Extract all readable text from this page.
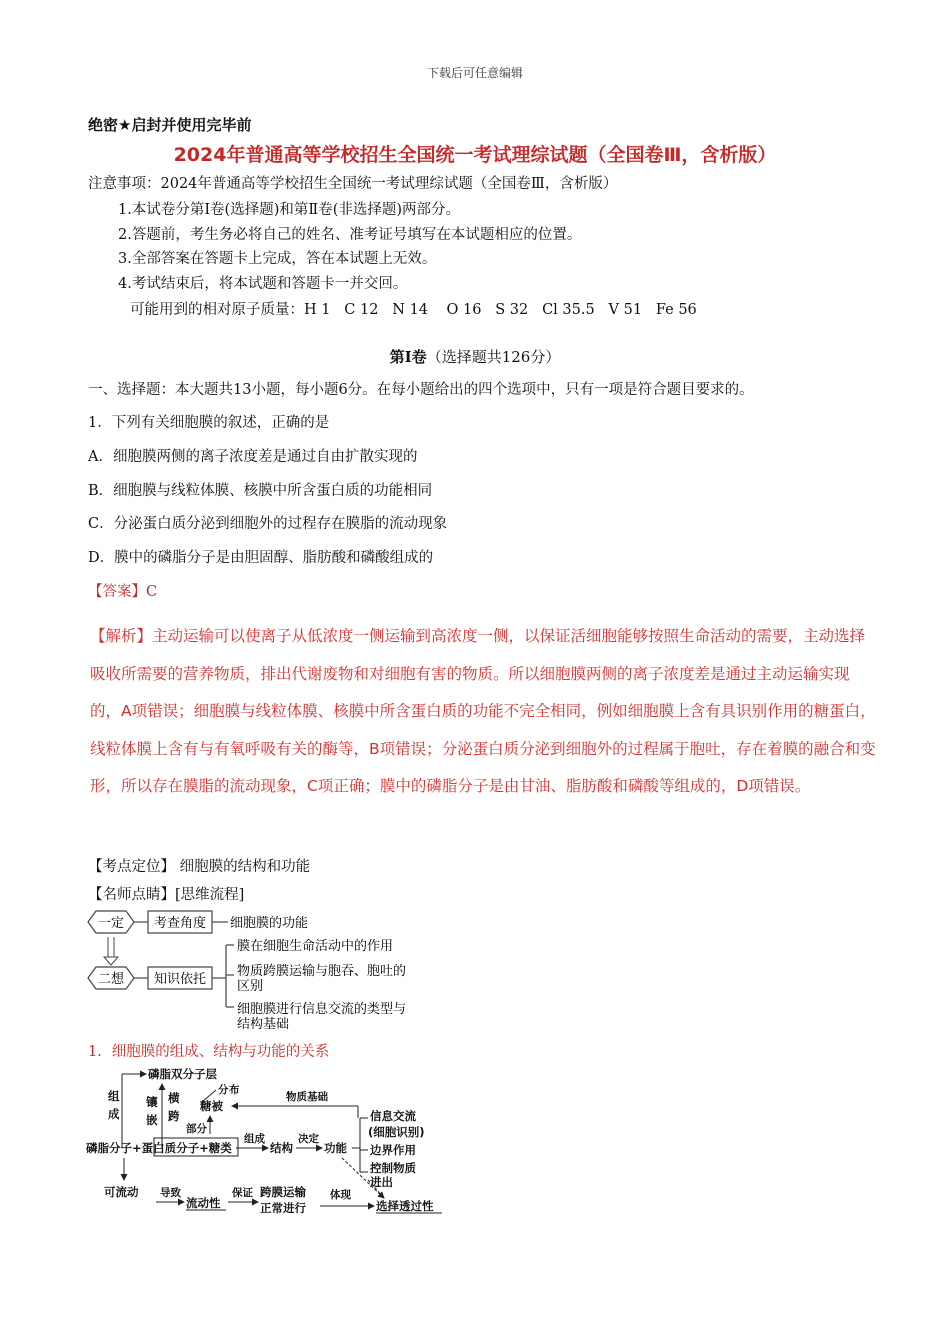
下载后可任意编辑
绝密★启封并使用完毕前
2024年普通高等学校招生全国统一考试理综试题（全国卷Ⅲ，含析版）
注意事项：2024年普通高等学校招生全国统一考试理综试题（全国卷Ⅲ，含析版）
1.本试卷分第Ⅰ卷(选择题)和第Ⅱ卷(非选择题)两部分。
2.答题前，考生务必将自己的姓名、准考证号填写在本试题相应的位置。
3.全部答案在答题卡上完成，答在本试题上无效。
4.考试结束后，将本试题和答题卡一并交回。
可能用到的相对原子质量：H 1   C 12   N 14    O 16   S 32   Cl 35.5   V 51   Fe 56
第Ⅰ卷（选择题共126分）
一、选择题：本大题共13小题，每小题6分。在每小题给出的四个选项中，只有一项是符合题目要求的。
1．下列有关细胞膜的叙述，正确的是
A．细胞膜两侧的离子浓度差是通过自由扩散实现的
B．细胞膜与线粒体膜、核膜中所含蛋白质的功能相同
C．分泌蛋白质分泌到细胞外的过程存在膜脂的流动现象
D．膜中的磷脂分子是由胆固醇、脂肪酸和磷酸组成的
【答案】C
【解析】主动运输可以使离子从低浓度一侧运输到高浓度一侧，以保证活细胞能够按照生命活动的需要，主动选择吸收所需要的营养物质，排出代谢废物和对细胞有害的物质。所以细胞膜两侧的离子浓度差是通过主动运输实现的，A项错误；细胞膜与线粒体膜、核膜中所含蛋白质的功能不完全相同，例如细胞膜上含有具识别作用的糖蛋白，线粒体膜上含有与有氧呼吸有关的酶等，B项错误；分泌蛋白质分泌到细胞外的过程属于胞吐，存在着膜的融合和变形，所以存在膜脂的流动现象，C项正确；膜中的磷脂分子是由甘油、脂肪酸和磷酸等组成的，D项错误。
【考点定位】 细胞膜的结构和功能
【名师点睛】[思维流程]
一定 考查角度 细胞膜的功能
二想 知识依托
膜在细胞生命活动中的作用
物质跨膜运输与胞吞、胞吐的
区别
细胞膜进行信息交流的类型与
结构基础
1．细胞膜的组成、结构与功能的关系
磷脂双分子层
组
成
镶
嵌
横
跨
分 布
糖被
部分
物质基础
磷脂分子+蛋白质分子+糖类
组成
结构
决定
功能
信息交流
(细胞识别)
边界作用
控制物质
进出
可流动 导致
流动性
保证 跨膜运输
正常进行
体现
选择透过性
